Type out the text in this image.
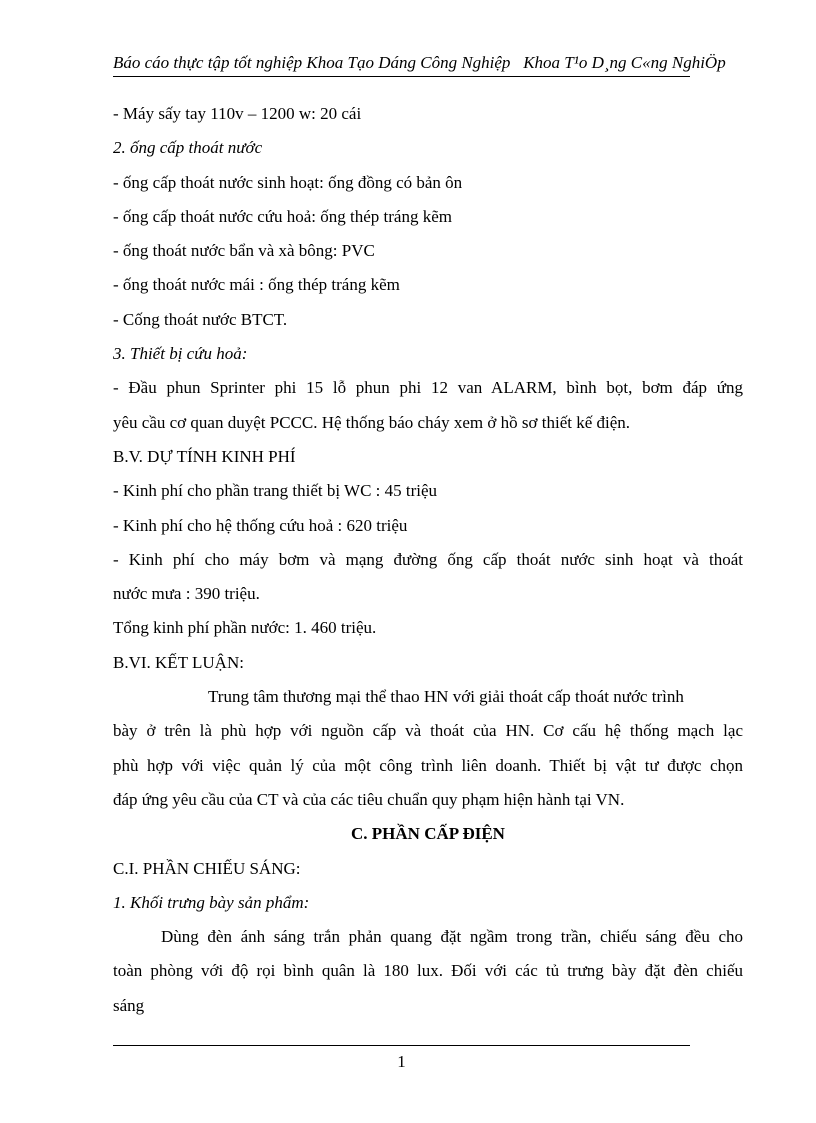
Báo cáo thực tập tốt nghiệp Khoa Tạo Dáng Công Nghiệp Khoa T¹o D¸ng C«ng NghiÖp
- Máy sấy tay 110v – 1200 w: 20 cái
2. ống cấp thoát nước
- ống cấp thoát nước sinh hoạt: ống đồng có bản ôn
- ống cấp thoát nước cứu hoả: ống thép tráng kẽm
- ống thoát nước bẩn và xà bông: PVC
- ống thoát nước mái : ống thép tráng kẽm
- Cống thoát nước BTCT.
3. Thiết bị cứu hoả:
- Đầu phun Sprinter phi 15 lỗ phun phi 12 van ALARM, bình bọt, bơm đáp ứng
yêu cầu cơ quan duyệt PCCC. Hệ thống báo cháy xem ở hồ sơ thiết kế điện.
B.V. DỰ TÍNH KINH PHÍ
- Kinh phí cho phần trang thiết bị WC : 45 triệu
- Kinh phí cho hệ thống cứu hoả : 620 triệu
- Kinh phí cho máy bơm và mạng đường ống cấp thoát nước sinh hoạt và thoát
nước mưa : 390 triệu.
Tổng kinh phí phần nước: 1. 460 triệu.
B.VI. KẾT LUẬN:
Trung tâm thương mại thể thao HN với giải thoát cấp thoát nước trình
bày ở trên là phù hợp với nguồn cấp và thoát của HN. Cơ cấu hệ thống mạch lạc
phù hợp với việc quản lý của một công trình liên doanh. Thiết bị vật tư được chọn
đáp ứng yêu cầu của CT và của các tiêu chuẩn quy phạm hiện hành tại VN.
C. PHẦN CẤP ĐIỆN
C.I. PHẦN CHIẾU SÁNG:
1. Khối trưng bày sản phẩm:
Dùng đèn ánh sáng trắn phản quang đặt ngầm trong trần, chiếu sáng đều cho
toàn phòng với độ rọi bình quân là 180 lux. Đối với các tủ trưng bày đặt đèn chiếu
sáng
1
